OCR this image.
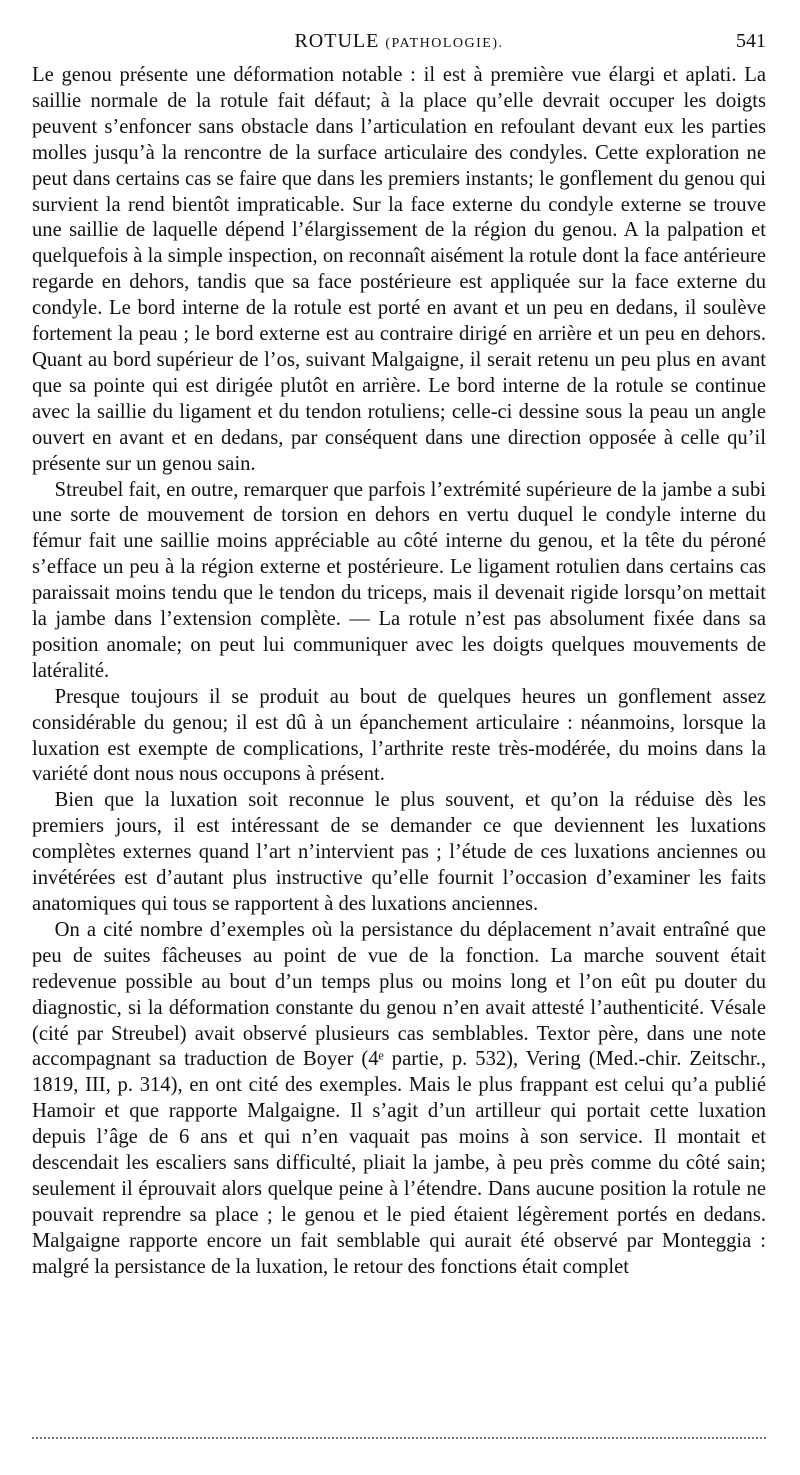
ROTULE (PATHOLOGIE).	541

Le genou présente une déformation notable : il est à première vue élargi et aplati. La saillie normale de la rotule fait défaut; à la place qu’elle devrait occuper les doigts peuvent s’enfoncer sans obstacle dans l’articulation en refoulant devant eux les parties molles jusqu’à la rencontre de la surface articulaire des condyles. Cette exploration ne peut dans certains cas se faire que dans les premiers instants; le gonflement du genou qui survient la rend bientôt impraticable. Sur la face externe du condyle externe se trouve une saillie de laquelle dépend l’élargissement de la région du genou. A la palpation et quelquefois à la simple inspection, on reconnaît aisément la rotule dont la face antérieure regarde en dehors, tandis que sa face postérieure est appliquée sur la face externe du condyle. Le bord interne de la rotule est porté en avant et un peu en dedans, il soulève fortement la peau ; le bord externe est au contraire dirigé en arrière et un peu en dehors. Quant au bord supérieur de l’os, suivant Malgaigne, il serait retenu un peu plus en avant que sa pointe qui est dirigée plutôt en arrière. Le bord interne de la rotule se continue avec la saillie du ligament et du tendon rotuliens; celle-ci dessine sous la peau un angle ouvert en avant et en dedans, par conséquent dans une direction opposée à celle qu’il présente sur un genou sain.

Streubel fait, en outre, remarquer que parfois l’extrémité supérieure de la jambe a subi une sorte de mouvement de torsion en dehors en vertu duquel le condyle interne du fémur fait une saillie moins appréciable au côté interne du genou, et la tête du péroné s’efface un peu à la région externe et postérieure. Le ligament rotulien dans certains cas paraissait moins tendu que le tendon du triceps, mais il devenait rigide lorsqu’on mettait la jambe dans l’extension complète. — La rotule n’est pas absolument fixée dans sa position anomale; on peut lui communiquer avec les doigts quelques mouvements de latéralité.

Presque toujours il se produit au bout de quelques heures un gonflement assez considérable du genou; il est dû à un épanchement articulaire : néanmoins, lorsque la luxation est exempte de complications, l’arthrite reste très-modérée, du moins dans la variété dont nous nous occupons à présent.

Bien que la luxation soit reconnue le plus souvent, et qu’on la réduise dès les premiers jours, il est intéressant de se demander ce que deviennent les luxations complètes externes quand l’art n’intervient pas ; l’étude de ces luxations anciennes ou invétérées est d’autant plus instructive qu’elle fournit l’occasion d’examiner les faits anatomiques qui tous se rapportent à des luxations anciennes.

On a cité nombre d’exemples où la persistance du déplacement n’avait entraîné que peu de suites fâcheuses au point de vue de la fonction. La marche souvent était redevenue possible au bout d’un temps plus ou moins long et l’on eût pu douter du diagnostic, si la déformation constante du genou n’en avait attesté l’authenticité. Vésale (cité par Streubel) avait observé plusieurs cas semblables. Textor père, dans une note accompagnant sa traduction de Boyer (4ᵉ partie, p. 532), Vering (Med.-chir. Zeitschr., 1819, III, p. 314), en ont cité des exemples. Mais le plus frappant est celui qu’a publié Hamoir et que rapporte Malgaigne. Il s’agit d’un artilleur qui portait cette luxation depuis l’âge de 6 ans et qui n’en vaquait pas moins à son service. Il montait et descendait les escaliers sans difficulté, pliait la jambe, à peu près comme du côté sain; seulement il éprouvait alors quelque peine à l’étendre. Dans aucune position la rotule ne pouvait reprendre sa place ; le genou et le pied étaient légèrement portés en dedans. Malgaigne rapporte encore un fait semblable qui aurait été observé par Monteggia : malgré la persistance de la luxation, le retour des fonctions était complet
